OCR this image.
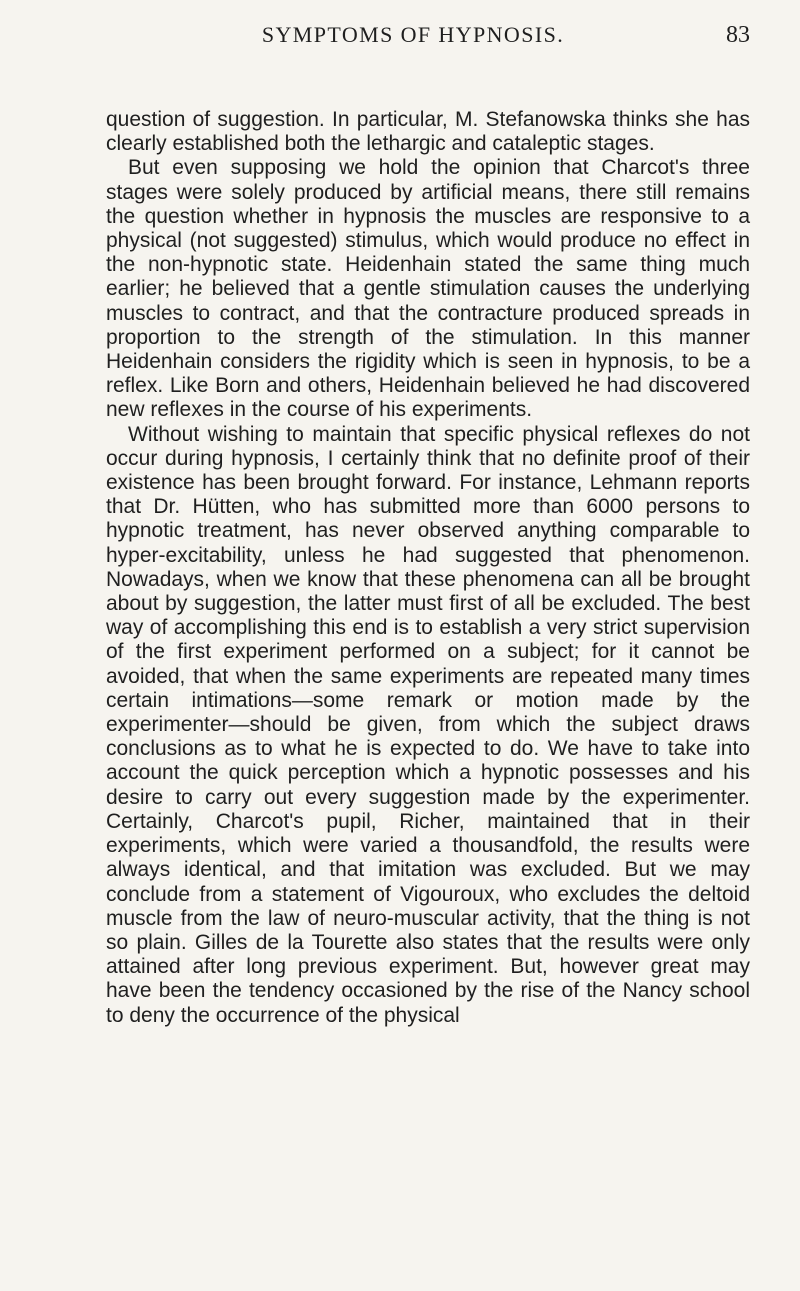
SYMPTOMS OF HYPNOSIS.	83

question of suggestion. In particular, M. Stefanowska thinks she has clearly established both the lethargic and cataleptic stages.

But even supposing we hold the opinion that Charcot's three stages were solely produced by artificial means, there still remains the question whether in hypnosis the muscles are responsive to a physical (not suggested) stimulus, which would produce no effect in the non-hypnotic state. Heidenhain stated the same thing much earlier; he believed that a gentle stimulation causes the underlying muscles to contract, and that the contracture produced spreads in proportion to the strength of the stimulation. In this manner Heidenhain considers the rigidity which is seen in hypnosis, to be a reflex. Like Born and others, Heidenhain believed he had discovered new reflexes in the course of his experiments.

Without wishing to maintain that specific physical reflexes do not occur during hypnosis, I certainly think that no definite proof of their existence has been brought forward. For instance, Lehmann reports that Dr. Hütten, who has submitted more than 6000 persons to hypnotic treatment, has never observed anything comparable to hyper-excitability, unless he had suggested that phenomenon. Nowadays, when we know that these phenomena can all be brought about by suggestion, the latter must first of all be excluded. The best way of accomplishing this end is to establish a very strict supervision of the first experiment performed on a subject; for it cannot be avoided, that when the same experiments are repeated many times certain intimations—some remark or motion made by the experimenter—should be given, from which the subject draws conclusions as to what he is expected to do. We have to take into account the quick perception which a hypnotic possesses and his desire to carry out every suggestion made by the experimenter. Certainly, Charcot's pupil, Richer, maintained that in their experiments, which were varied a thousandfold, the results were always identical, and that imitation was excluded. But we may conclude from a statement of Vigouroux, who excludes the deltoid muscle from the law of neuro-muscular activity, that the thing is not so plain. Gilles de la Tourette also states that the results were only attained after long previous experiment. But, however great may have been the tendency occasioned by the rise of the Nancy school to deny the occurrence of the physical
